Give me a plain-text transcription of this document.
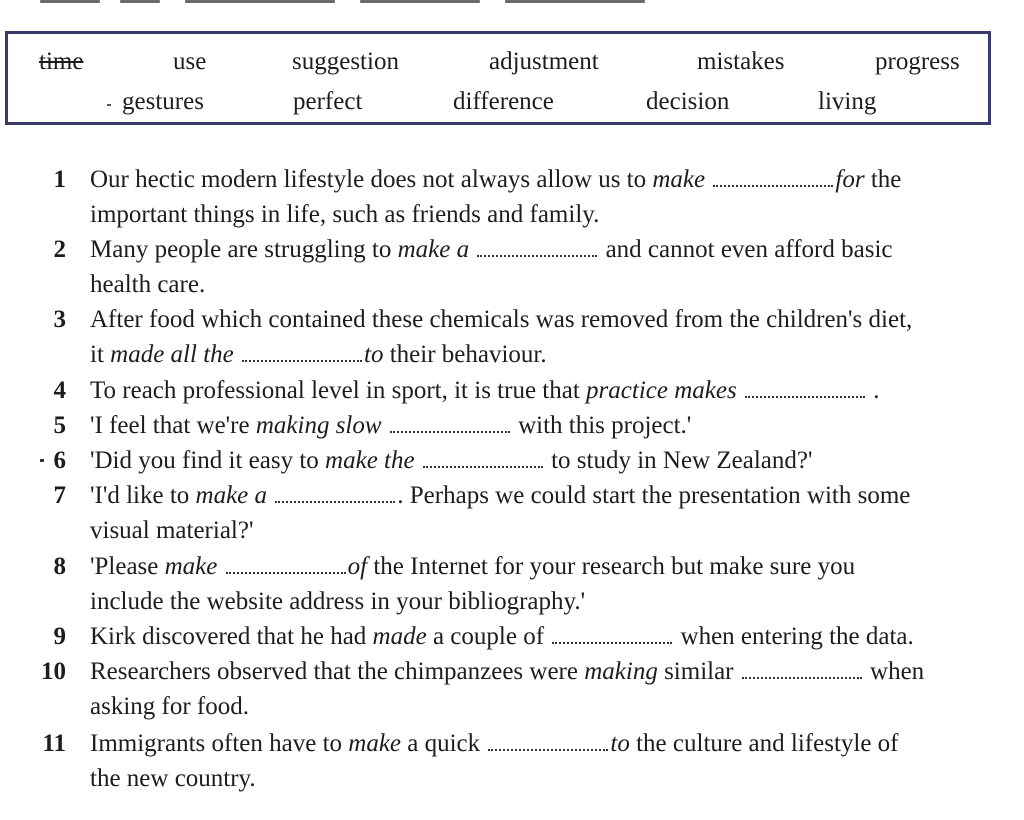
time	use	suggestion	adjustment	mistakes	progress
gestures	perfect	difference	decision	living
1 Our hectic modern lifestyle does not always allow us to make	for the
important things in life, such as friends and family.
2 Many people are struggling to make a	and cannot even afford basic
health care.
3 After food which contained these chemicals was removed from the children's diet,
it made all the	to their behaviour.
4 To reach professional level in sport, it is true that practice makes	.
5 'I feel that we're making slow	with this project.'
6 'Did you find it easy to make the	to study in New Zealand?'
7 'I'd like to make a	. Perhaps we could start the presentation with some
visual material?'
8 'Please make	of the Internet for your research but make sure you
include the website address in your bibliography.'
9 Kirk discovered that he had made a couple of	when entering the data.
10 Researchers observed that the chimpanzees were making similar	when
asking for food.
11 Immigrants often have to make a quick	to the culture and lifestyle of
the new country.
